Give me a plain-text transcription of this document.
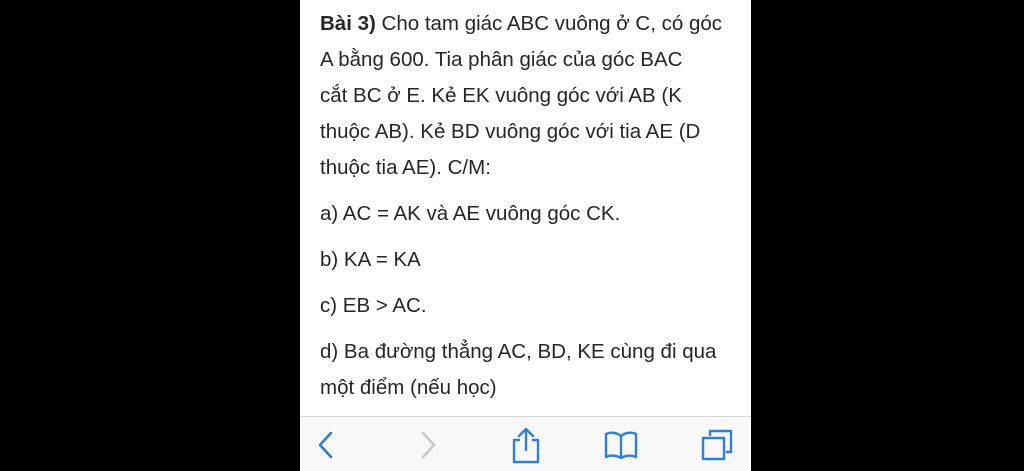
Bài 3) Cho tam giác ABC vuông ở C, có góc
A bằng 600. Tia phân giác của góc BAC
cắt BC ở E. Kẻ EK vuông góc với AB (K
thuộc AB). Kẻ BD vuông góc với tia AE (D
thuộc tia AE). C/M:
a) AC = AK và AE vuông góc CK.
b) KA = KA
c) EB > AC.
d) Ba đường thẳng AC, BD, KE cùng đi qua
một điểm (nếu học)
